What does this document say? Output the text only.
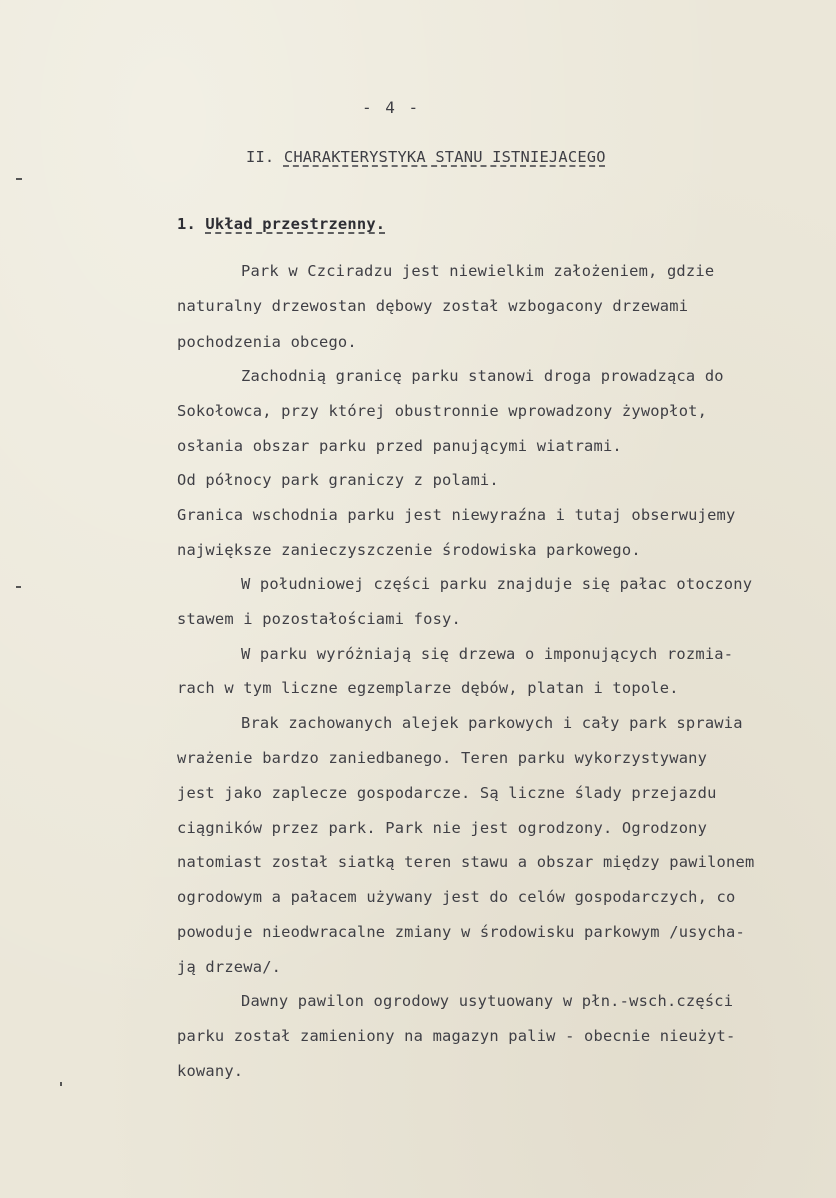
- 4 -
II. CHARAKTERYSTYKA STANU ISTNIEJACEGO
1. Układ przestrzenny.
Park w Czciradzu jest niewielkim założeniem, gdzie
naturalny drzewostan dębowy został wzbogacony drzewami
pochodzenia obcego.
Zachodnią granicę parku stanowi droga prowadząca do
Sokołowca, przy której obustronnie wprowadzony żywopłot,
osłania obszar parku przed panującymi wiatrami.
Od północy park graniczy z polami.
Granica wschodnia parku jest niewyraźna i tutaj obserwujemy
największe zanieczyszczenie środowiska parkowego.
W południowej części parku znajduje się pałac otoczony
stawem i pozostałościami fosy.
W parku wyróżniają się drzewa o imponujących rozmia-
rach w tym liczne egzemplarze dębów, platan i topole.
Brak zachowanych alejek parkowych i cały park sprawia
wrażenie bardzo zaniedbanego. Teren parku wykorzystywany
jest jako zaplecze gospodarcze. Są liczne ślady przejazdu
ciągników przez park. Park nie jest ogrodzony. Ogrodzony
natomiast został siatką teren stawu a obszar między pawilonem
ogrodowym a pałacem używany jest do celów gospodarczych, co
powoduje nieodwracalne zmiany w środowisku parkowym /usycha-
ją drzewa/.
Dawny pawilon ogrodowy usytuowany w płn.-wsch.części
parku został zamieniony na magazyn paliw - obecnie nieużyt-
kowany.
